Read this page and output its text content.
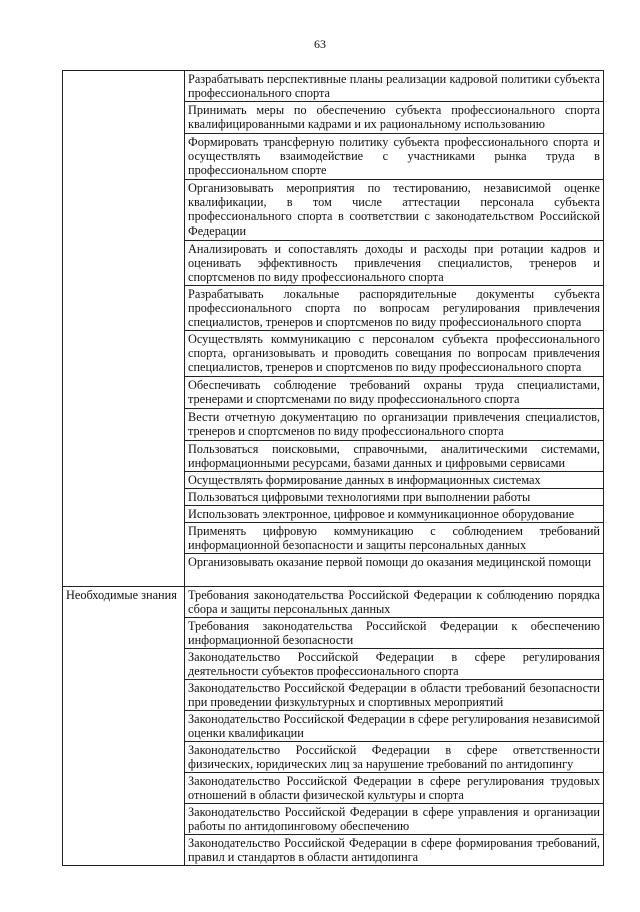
63
	Разрабатывать перспективные планы реализации кадровой политики субъекта профессионального спорта
	Принимать меры по обеспечению субъекта профессионального спорта квалифицированными кадрами и их рациональному использованию
	Формировать трансферную политику субъекта профессионального спорта и осуществлять взаимодействие с участниками рынка труда в профессиональном спорте
	Организовывать мероприятия по тестированию, независимой оценке квалификации, в том числе аттестации персонала субъекта профессионального спорта в соответствии с законодательством Российской Федерации
	Анализировать и сопоставлять доходы и расходы при ротации кадров и оценивать эффективность привлечения специалистов, тренеров и спортсменов по виду профессионального спорта
	Разрабатывать локальные распорядительные документы субъекта профессионального спорта по вопросам регулирования привлечения специалистов, тренеров и спортсменов по виду профессионального спорта
	Осуществлять коммуникацию с персоналом субъекта профессионального спорта, организовывать и проводить совещания по вопросам привлечения специалистов, тренеров и спортсменов по виду профессионального спорта
	Обеспечивать соблюдение требований охраны труда специалистами, тренерами и спортсменами по виду профессионального спорта
	Вести отчетную документацию по организации привлечения специалистов, тренеров и спортсменов по виду профессионального спорта
	Пользоваться поисковыми, справочными, аналитическими системами, информационными ресурсами, базами данных и цифровыми сервисами
	Осуществлять формирование данных в информационных системах
	Пользоваться цифровыми технологиями при выполнении работы
	Использовать электронное, цифровое и коммуникационное оборудование
	Применять цифровую коммуникацию с соблюдением требований информационной безопасности и защиты персональных данных
	Организовывать оказание первой помощи до оказания медицинской помощи
Необходимые знания	Требования законодательства Российской Федерации к соблюдению порядка сбора и защиты персональных данных
	Требования законодательства Российской Федерации к обеспечению информационной безопасности
	Законодательство Российской Федерации в сфере регулирования деятельности субъектов профессионального спорта
	Законодательство Российской Федерации в области требований безопасности при проведении физкультурных и спортивных мероприятий
	Законодательство Российской Федерации в сфере регулирования независимой оценки квалификации
	Законодательство Российской Федерации в сфере ответственности физических, юридических лиц за нарушение требований по антидопингу
	Законодательство Российской Федерации в сфере регулирования трудовых отношений в области физической культуры и спорта
	Законодательство Российской Федерации в сфере управления и организации работы по антидопинговому обеспечению
	Законодательство Российской Федерации в сфере формирования требований, правил и стандартов в области антидопинга
